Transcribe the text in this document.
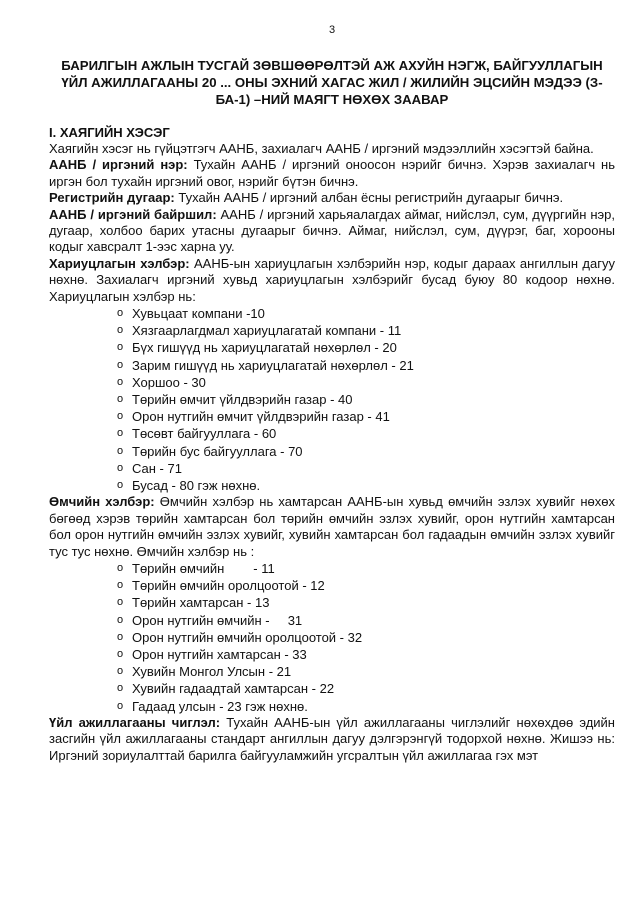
3
БАРИЛГЫН АЖЛЫН ТУСГАЙ ЗӨВШӨӨРӨЛТЭЙ АЖ АХУЙН НЭГЖ, БАЙГУУЛЛАГЫН ҮЙЛ АЖИЛЛАГААНЫ 20 ... ОНЫ ЭХНИЙ ХАГАС ЖИЛ / ЖИЛИЙН ЭЦСИЙН МЭДЭЭ (З-БА-1) –НИЙ МАЯГТ НӨХӨХ ЗААВАР
I. ХАЯГИЙН ХЭСЭГ

Хаягийн хэсэг нь гүйцэтгэгч ААНБ, захиалагч ААНБ / иргэний мэдээллийн хэсэгтэй байна.

ААНБ / иргэний нэр: Тухайн ААНБ / иргэний оноосон нэрийг бичнэ. Хэрэв захиалагч нь иргэн бол тухайн иргэний овог, нэрийг бүтэн бичнэ.

Регистрийн дугаар: Тухайн ААНБ / иргэний албан ёсны регистрийн дугаарыг бичнэ.

ААНБ / иргэний байршил: ААНБ / иргэний харьяалагдах аймаг, нийслэл, сум, дүүргийн нэр, дугаар, холбоо барих утасны дугаарыг бичнэ. Аймаг, нийслэл, сум, дүүрэг, баг, хорооны кодыг хавсралт 1-ээс харна уу.

Хариуцлагын хэлбэр: ААНБ-ын хариуцлагын хэлбэрийн нэр, кодыг дараах ангиллын дагуу нөхнө. Захиалагч иргэний хувьд хариуцлагын хэлбэрийг бусад буюу 80 кодоор нөхнө. Хариуцлагын хэлбэр нь:

o Хувьцаат компани -10
o Хязгаарлагдмал хариуцлагатай компани - 11
o Бүх гишүүд нь хариуцлагатай нөхөрлөл - 20
o Зарим гишүүд нь хариуцлагатай нөхөрлөл - 21
o Хоршоо - 30
o Төрийн өмчит үйлдвэрийн газар - 40
o Орон нутгийн өмчит үйлдвэрийн газар - 41
o Төсөвт байгууллага - 60
o Төрийн бус байгууллага - 70
o Сан - 71
o Бусад - 80 гэж нөхнө.

Өмчийн хэлбэр: Өмчийн хэлбэр нь хамтарсан ААНБ-ын хувьд өмчийн эзлэх хувийг нөхөх бөгөөд хэрэв төрийн хамтарсан бол төрийн өмчийн эзлэх хувийг, орон нутгийн хамтарсан бол орон нутгийн өмчийн эзлэх хувийг, хувийн хамтарсан бол гадаадын өмчийн эзлэх хувийг тус тус нөхнө. Өмчийн хэлбэр нь :

o Төрийн өмчийн        - 11
o Төрийн өмчийн оролцоотой - 12
o Төрийн хамтарсан - 13
o Орон нутгийн өмчийн -     31
o Орон нутгийн өмчийн оролцоотой - 32
o Орон нутгийн хамтарсан - 33
o Хувийн Монгол Улсын - 21
o Хувийн гадаадтай хамтарсан - 22
o Гадаад улсын - 23 гэж нөхнө.

Үйл ажиллагааны чиглэл: Тухайн ААНБ-ын үйл ажиллагааны чиглэлийг нөхөхдөө эдийн засгийн үйл ажиллагааны стандарт ангиллын дагуу дэлгэрэнгүй тодорхой нөхнө. Жишээ нь: Иргэний зориулалттай барилга байгууламжийн угсралтын үйл ажиллагаа гэх мэт
